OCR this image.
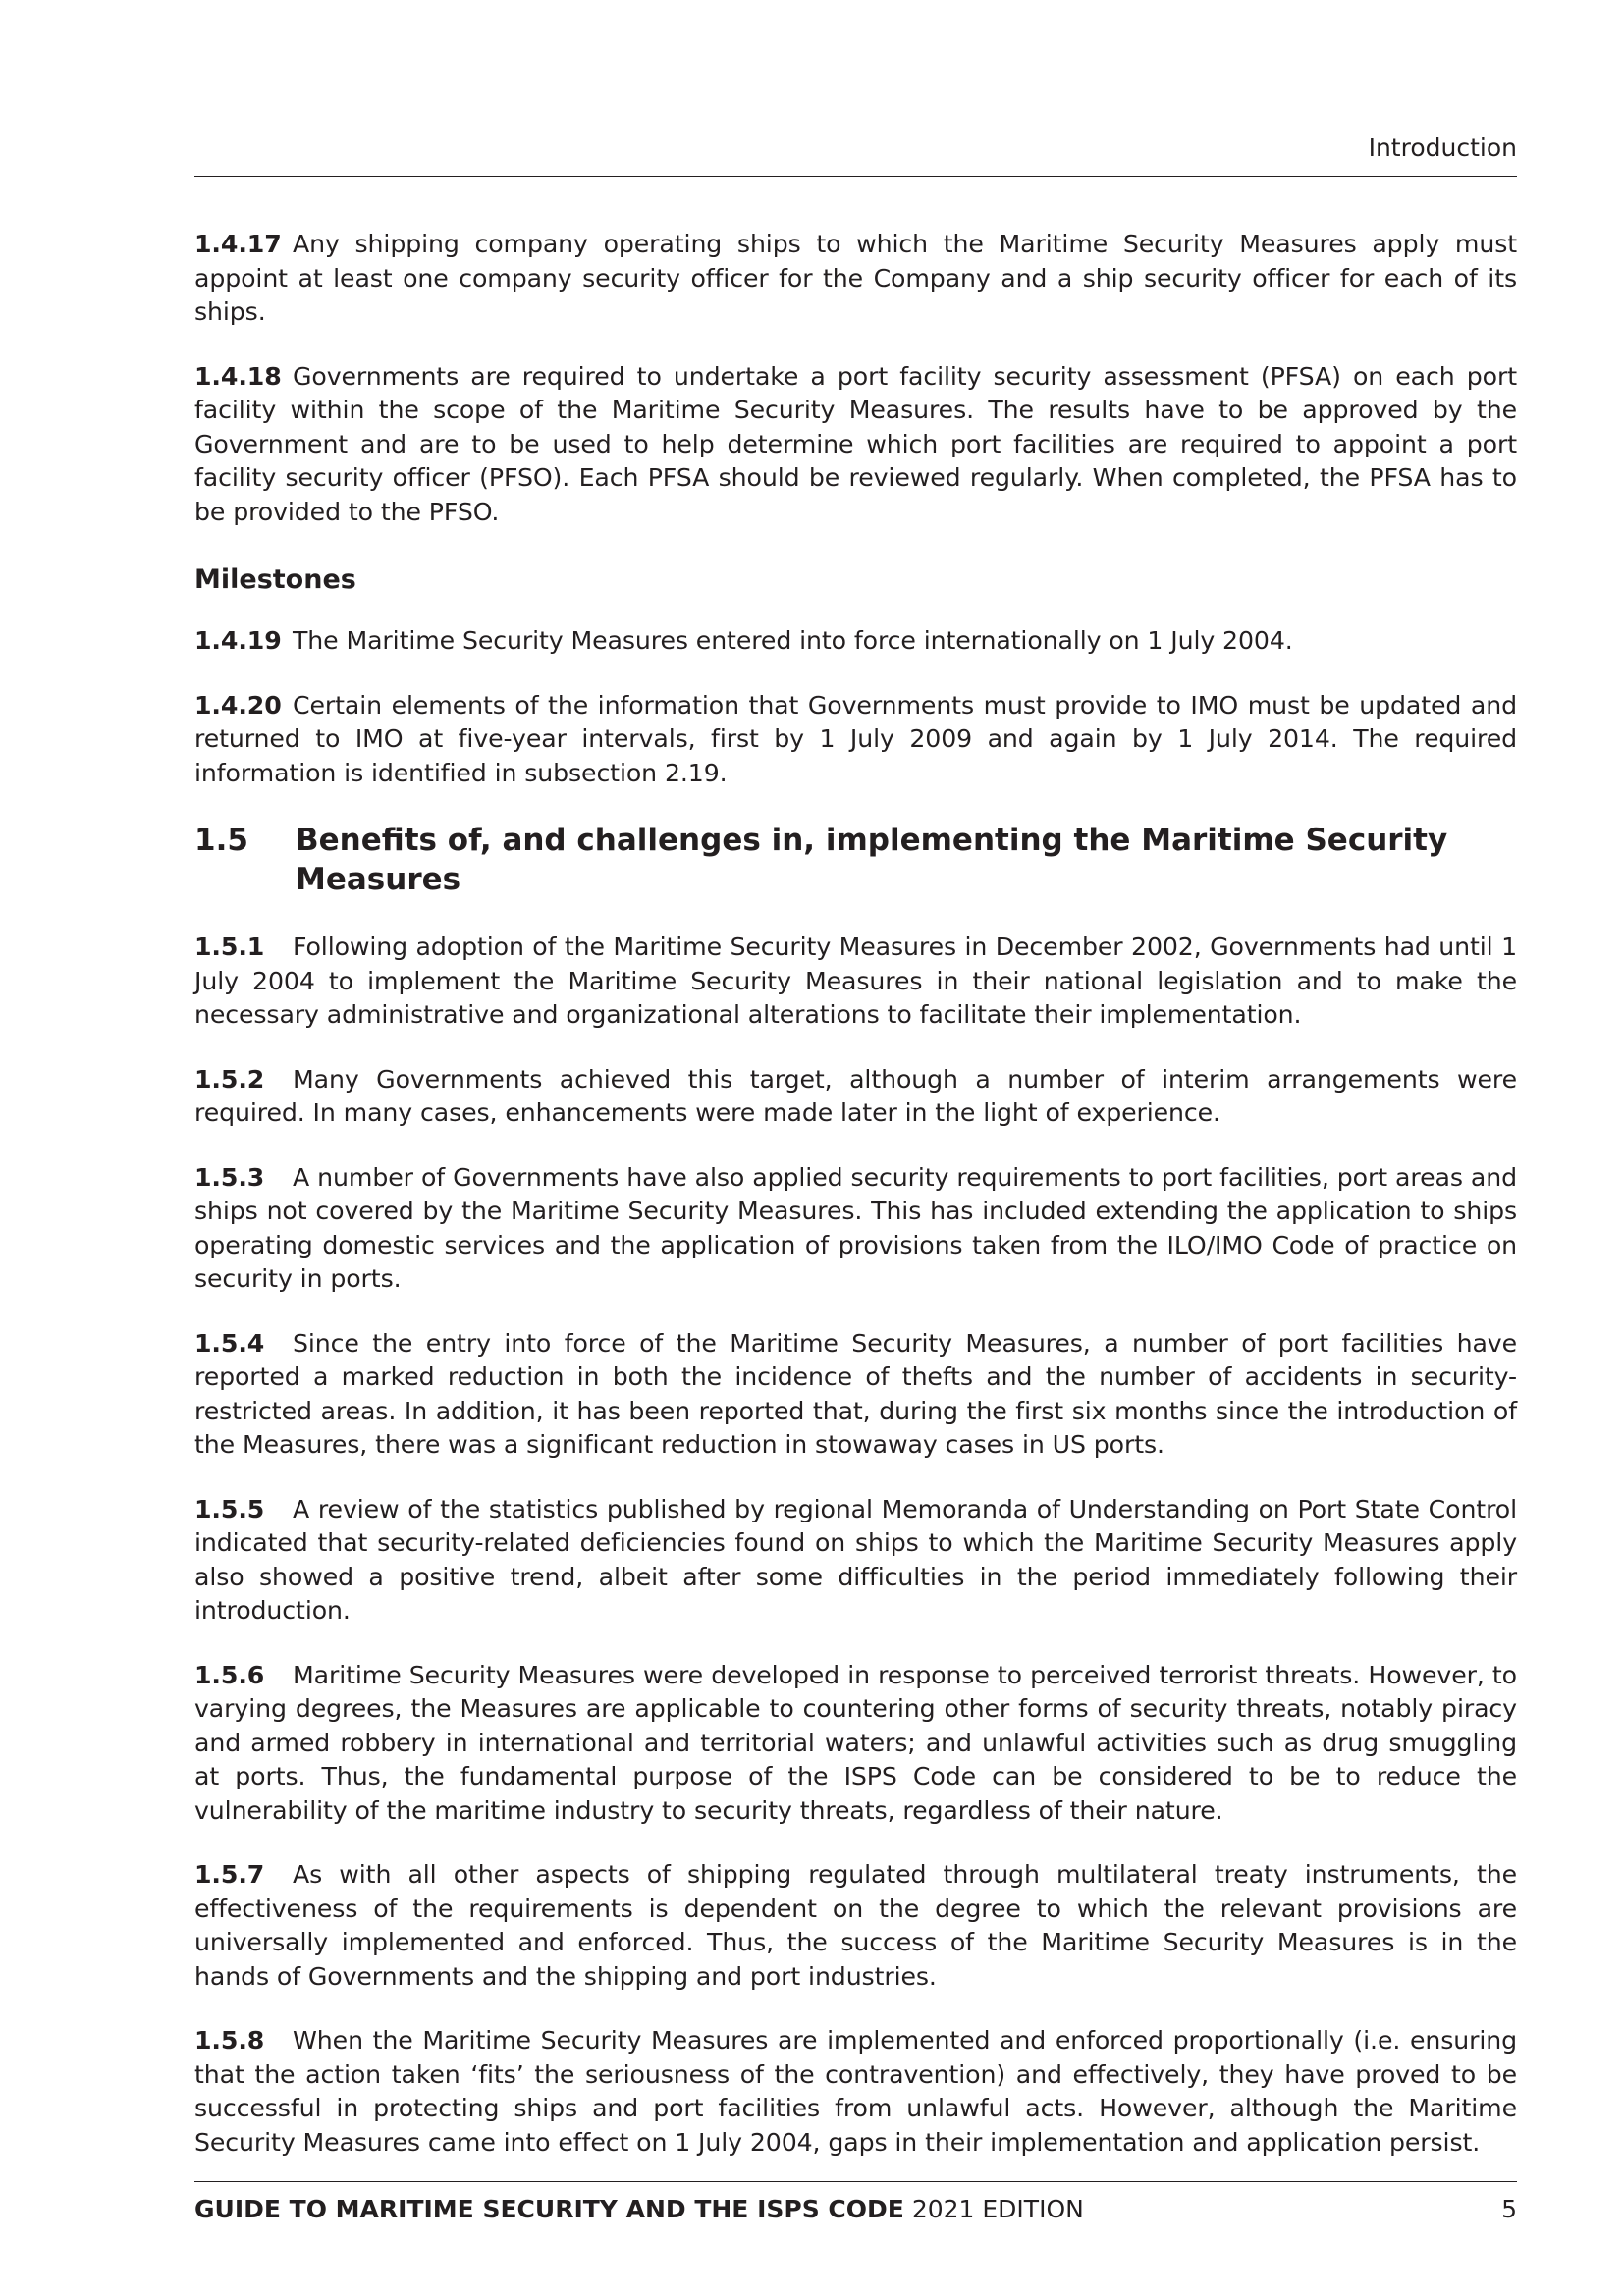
Introduction

1.4.17 Any shipping company operating ships to which the Maritime Security Measures apply must appoint at least one company security officer for the Company and a ship security officer for each of its ships.

1.4.18 Governments are required to undertake a port facility security assessment (PFSA) on each port facility within the scope of the Maritime Security Measures. The results have to be approved by the Government and are to be used to help determine which port facilities are required to appoint a port facility security officer (PFSO). Each PFSA should be reviewed regularly. When completed, the PFSA has to be provided to the PFSO.

Milestones

1.4.19 The Maritime Security Measures entered into force internationally on 1 July 2004.

1.4.20 Certain elements of the information that Governments must provide to IMO must be updated and returned to IMO at five-year intervals, first by 1 July 2009 and again by 1 July 2014. The required information is identified in subsection 2.19.

1.5	Benefits of, and challenges in, implementing the Maritime Security Measures

1.5.1 Following adoption of the Maritime Security Measures in December 2002, Governments had until 1 July 2004 to implement the Maritime Security Measures in their national legislation and to make the necessary administrative and organizational alterations to facilitate their implementation.

1.5.2 Many Governments achieved this target, although a number of interim arrangements were required. In many cases, enhancements were made later in the light of experience.

1.5.3 A number of Governments have also applied security requirements to port facilities, port areas and ships not covered by the Maritime Security Measures. This has included extending the application to ships operating domestic services and the application of provisions taken from the ILO/IMO Code of practice on security in ports.

1.5.4 Since the entry into force of the Maritime Security Measures, a number of port facilities have reported a marked reduction in both the incidence of thefts and the number of accidents in security-restricted areas. In addition, it has been reported that, during the first six months since the introduction of the Measures, there was a significant reduction in stowaway cases in US ports.

1.5.5 A review of the statistics published by regional Memoranda of Understanding on Port State Control indicated that security-related deficiencies found on ships to which the Maritime Security Measures apply also showed a positive trend, albeit after some difficulties in the period immediately following their introduction.

1.5.6 Maritime Security Measures were developed in response to perceived terrorist threats. However, to varying degrees, the Measures are applicable to countering other forms of security threats, notably piracy and armed robbery in international and territorial waters; and unlawful activities such as drug smuggling at ports. Thus, the fundamental purpose of the ISPS Code can be considered to be to reduce the vulnerability of the maritime industry to security threats, regardless of their nature.

1.5.7 As with all other aspects of shipping regulated through multilateral treaty instruments, the effectiveness of the requirements is dependent on the degree to which the relevant provisions are universally implemented and enforced. Thus, the success of the Maritime Security Measures is in the hands of Governments and the shipping and port industries.

1.5.8 When the Maritime Security Measures are implemented and enforced proportionally (i.e. ensuring that the action taken ‘fits’ the seriousness of the contravention) and effectively, they have proved to be successful in protecting ships and port facilities from unlawful acts. However, although the Maritime Security Measures came into effect on 1 July 2004, gaps in their implementation and application persist.

GUIDE TO MARITIME SECURITY AND THE ISPS CODE 2021 EDITION	5
